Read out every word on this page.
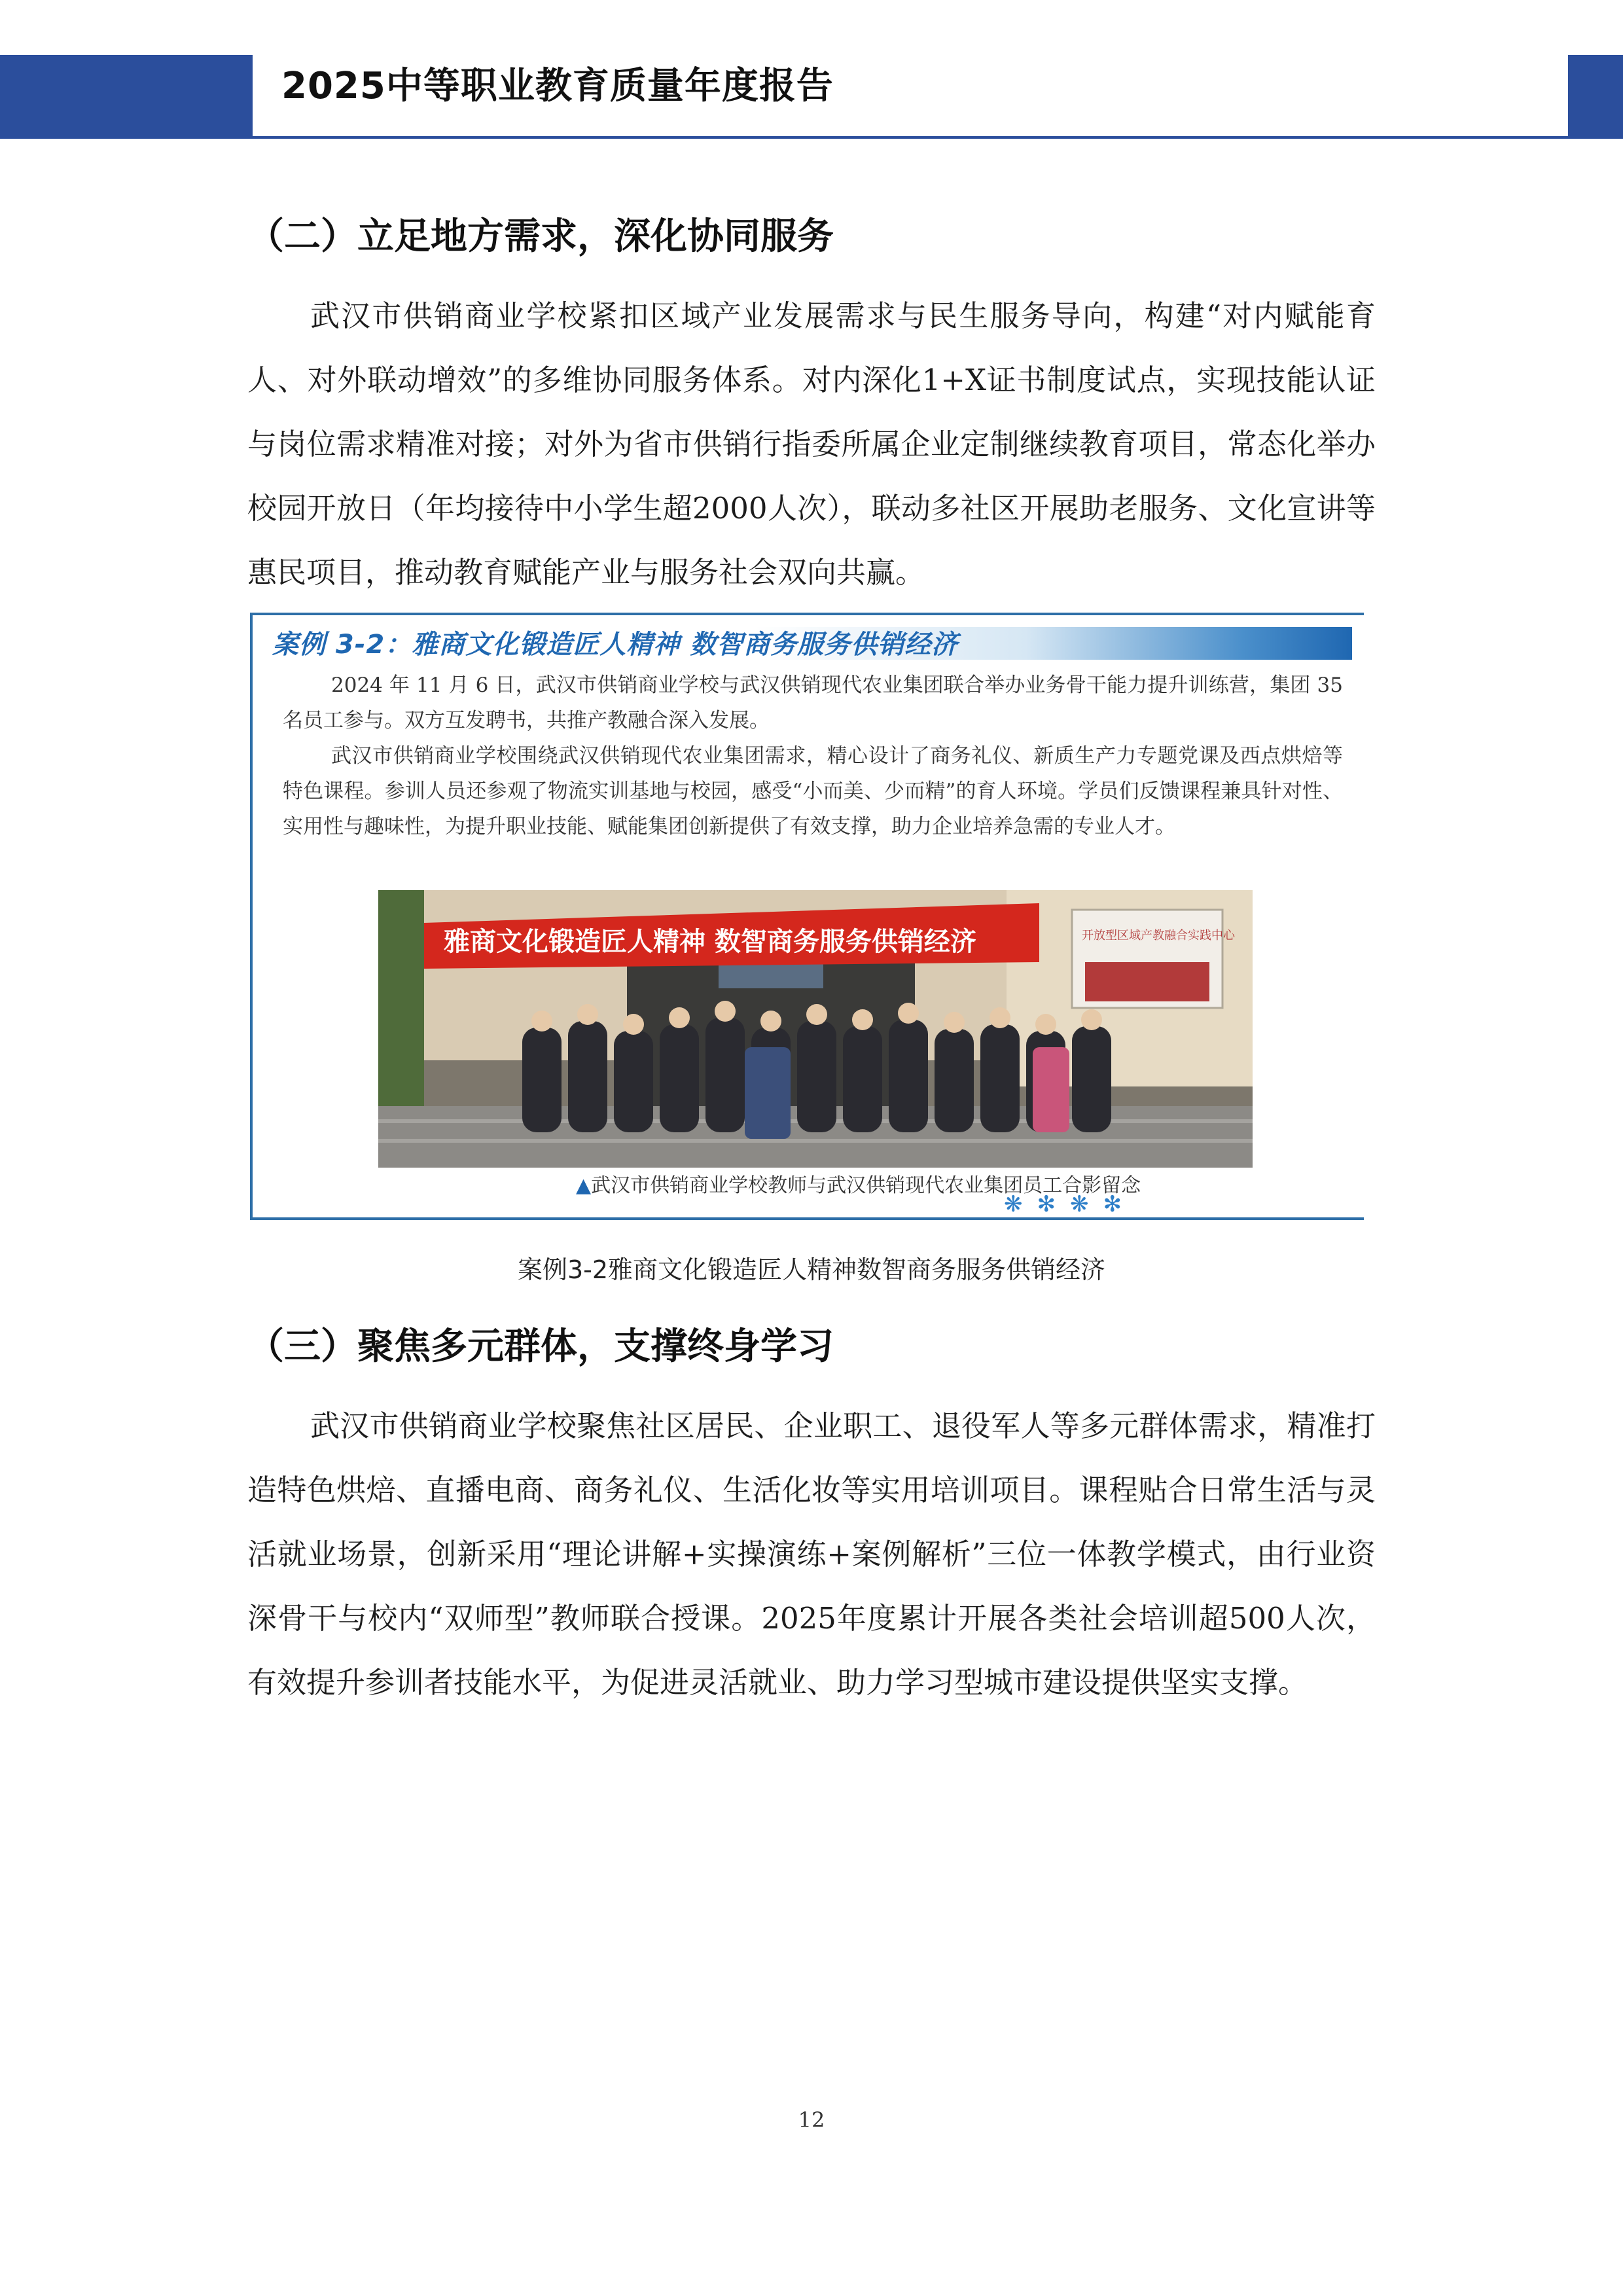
2025中等职业教育质量年度报告
（二）立足地方需求，深化协同服务

武汉市供销商业学校紧扣区域产业发展需求与民生服务导向，构建“对内赋能育人、对外联动增效”的多维协同服务体系。对内深化1+X证书制度试点，实现技能认证与岗位需求精准对接；对外为省市供销行指委所属企业定制继续教育项目，常态化举办校园开放日（年均接待中小学生超2000人次），联动多社区开展助老服务、文化宣讲等惠民项目，推动教育赋能产业与服务社会双向共赢。

案例 3-2：雅商文化锻造匠人精神 数智商务服务供销经济

2024 年 11 月 6 日，武汉市供销商业学校与武汉供销现代农业集团联合举办业务骨干能力提升训练营，集团 35 名员工参与。双方互发聘书，共推产教融合深入发展。

武汉市供销商业学校围绕武汉供销现代农业集团需求，精心设计了商务礼仪、新质生产力专题党课及西点烘焙等特色课程。参训人员还参观了物流实训基地与校园，感受“小而美、少而精”的育人环境。学员们反馈课程兼具针对性、实用性与趣味性，为提升职业技能、赋能集团创新提供了有效支撑，助力企业培养急需的专业人才。

雅商文化锻造匠人精神 数智商务服务供销经济	开放型区域产教融合实践中心
▲武汉市供销商业学校教师与武汉供销现代农业集团员工合影留念
❋✻❋✻
案例3-2雅商文化锻造匠人精神数智商务服务供销经济
（三）聚焦多元群体，支撑终身学习

武汉市供销商业学校聚焦社区居民、企业职工、退役军人等多元群体需求，精准打造特色烘焙、直播电商、商务礼仪、生活化妆等实用培训项目。课程贴合日常生活与灵活就业场景，创新采用“理论讲解+实操演练+案例解析”三位一体教学模式，由行业资深骨干与校内“双师型”教师联合授课。2025年度累计开展各类社会培训超500人次，有效提升参训者技能水平，为促进灵活就业、助力学习型城市建设提供坚实支撑。

12
